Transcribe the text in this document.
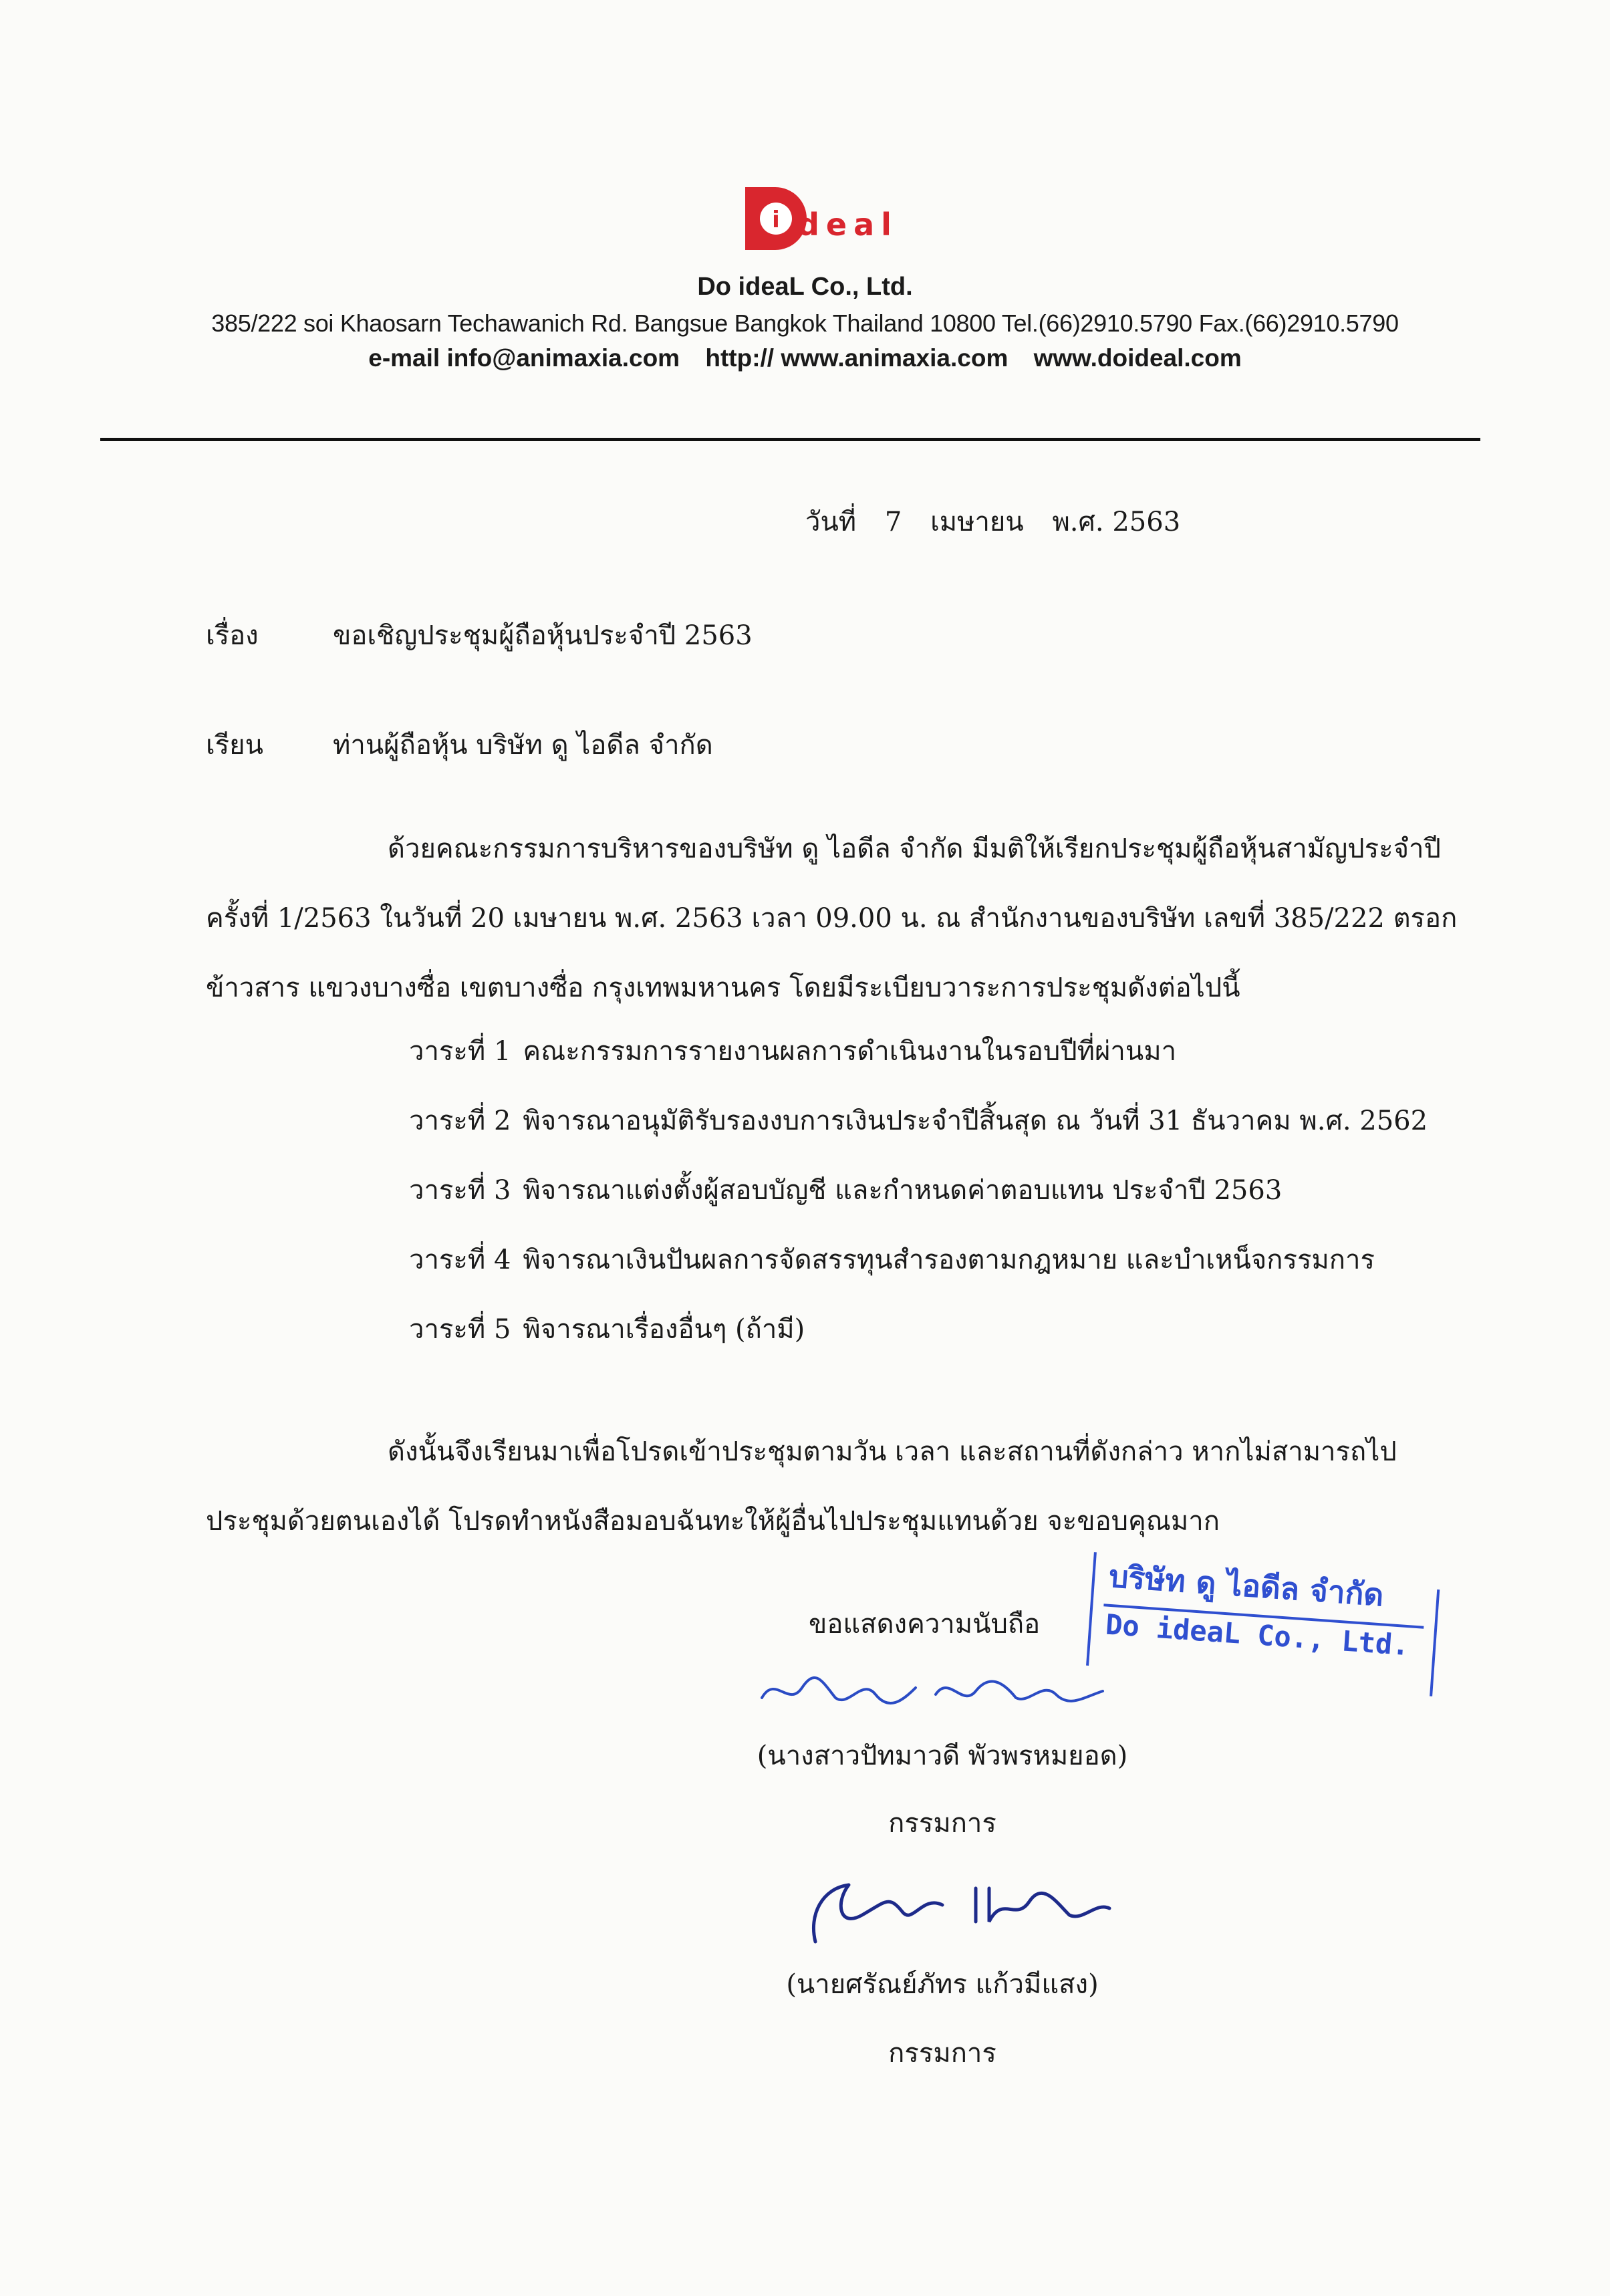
i deal
Do ideaL Co., Ltd.
385/222 soi Khaosarn Techawanich Rd. Bangsue Bangkok Thailand 10800 Tel.(66)2910.5790 Fax.(66)2910.5790
e-mail info@animaxia.com http:// www.animaxia.com www.doideal.com
วันที่ 7 เมษายน พ.ศ. 2563
เรื่อง	ขอเชิญประชุมผู้ถือหุ้นประจำปี 2563
เรียน	ท่านผู้ถือหุ้น บริษัท ดู ไอดีล จำกัด
ด้วยคณะกรรมการบริหารของบริษัท ดู ไอดีล จำกัด มีมติให้เรียกประชุมผู้ถือหุ้นสามัญประจำปี ครั้งที่ 1/2563 ในวันที่ 20 เมษายน พ.ศ. 2563 เวลา 09.00 น. ณ สำนักงานของบริษัท เลขที่ 385/222 ตรอกข้าวสาร แขวงบางซื่อ เขตบางซื่อ กรุงเทพมหานคร โดยมีระเบียบวาระการประชุมดังต่อไปนี้
วาระที่ 1 คณะกรรมการรายงานผลการดำเนินงานในรอบปีที่ผ่านมา
วาระที่ 2 พิจารณาอนุมัติรับรองงบการเงินประจำปีสิ้นสุด ณ วันที่ 31 ธันวาคม พ.ศ. 2562
วาระที่ 3 พิจารณาแต่งตั้งผู้สอบบัญชี และกำหนดค่าตอบแทน ประจำปี 2563
วาระที่ 4 พิจารณาเงินปันผลการจัดสรรทุนสำรองตามกฎหมาย และบำเหน็จกรรมการ
วาระที่ 5 พิจารณาเรื่องอื่นๆ (ถ้ามี)
ดังนั้นจึงเรียนมาเพื่อโปรดเข้าประชุมตามวัน เวลา และสถานที่ดังกล่าว หากไม่สามารถไปประชุมด้วยตนเองได้ โปรดทำหนังสือมอบฉันทะให้ผู้อื่นไปประชุมแทนด้วย จะขอบคุณมาก
ขอแสดงความนับถือ
บริษัท ดู ไอดีล จำกัด
Do ideaL Co., Ltd.
(นางสาวปัทมาวดี พัวพรหมยอด)
กรรมการ
(นายศรัณย์ภัทร แก้วมีแสง)
กรรมการ
